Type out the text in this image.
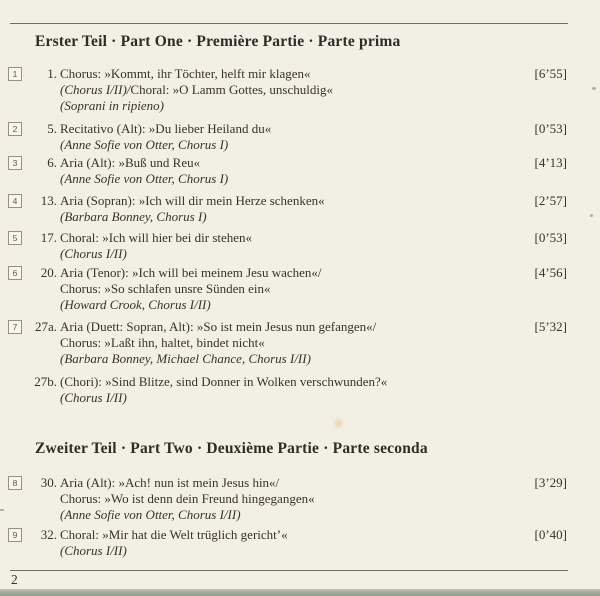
Erster Teil · Part One · Première Partie · Parte prima
1	1. Chorus: »Kommt, ihr Töchter, helft mir klagen«
(Chorus I/II)/Choral: »O Lamm Gottes, unschuldig«
(Soprani in ripieno)
[6’55]
2	5. Recitativo (Alt): »Du lieber Heiland du«
(Anne Sofie von Otter, Chorus I)
[0’53]
3	6. Aria (Alt): »Buß und Reu«
(Anne Sofie von Otter, Chorus I)
[4’13]
4	13. Aria (Sopran): »Ich will dir mein Herze schenken«
(Barbara Bonney, Chorus I)
[2’57]
5	17. Choral: »Ich will hier bei dir stehen«
(Chorus I/II)
[0’53]
6	20. Aria (Tenor): »Ich will bei meinem Jesu wachen«/
Chorus: »So schlafen unsre Sünden ein«
(Howard Crook, Chorus I/II)
[4’56]
7	27a. Aria (Duett: Sopran, Alt): »So ist mein Jesus nun gefangen«/
Chorus: »Laßt ihn, haltet, bindet nicht«
(Barbara Bonney, Michael Chance, Chorus I/II)
[5’32]
27b. (Chori): »Sind Blitze, sind Donner in Wolken verschwunden?«
(Chorus I/II)
Zweiter Teil · Part Two · Deuxième Partie · Parte seconda
8	30. Aria (Alt): »Ach! nun ist mein Jesus hin«/
Chorus: »Wo ist denn dein Freund hingegangen«
(Anne Sofie von Otter, Chorus I/II)
[3’29]
9	32. Choral: »Mir hat die Welt trüglich gericht’«
(Chorus I/II)
[0’40]
2
